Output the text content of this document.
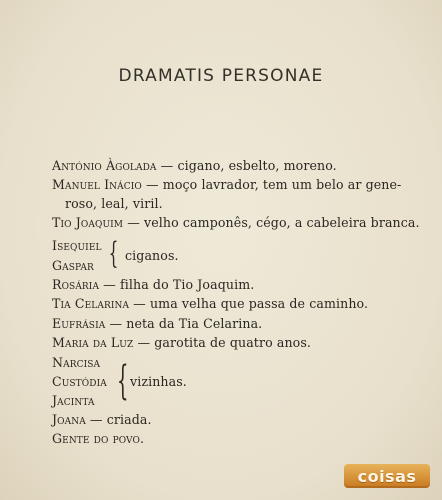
DRAMATIS PERSONAE
António Àgolada — cigano, esbelto, moreno.
Manuel Inácio — moço lavrador, tem um belo ar gene-
roso, leal, viril.
Tio Joaquim — velho camponês, cégo, a cabeleira branca.
Isequiel
Gaspar { ciganos.
Rosária — filha do Tio Joaquim.
Tia Celarina — uma velha que passa de caminho.
Eufrásia — neta da Tia Celarina.
Maria da Luz — garotita de quatro anos.
Narcisa
Custódia
Jacinta { vizinhas.
Joana — criada.
Gente do povo.
coisas
